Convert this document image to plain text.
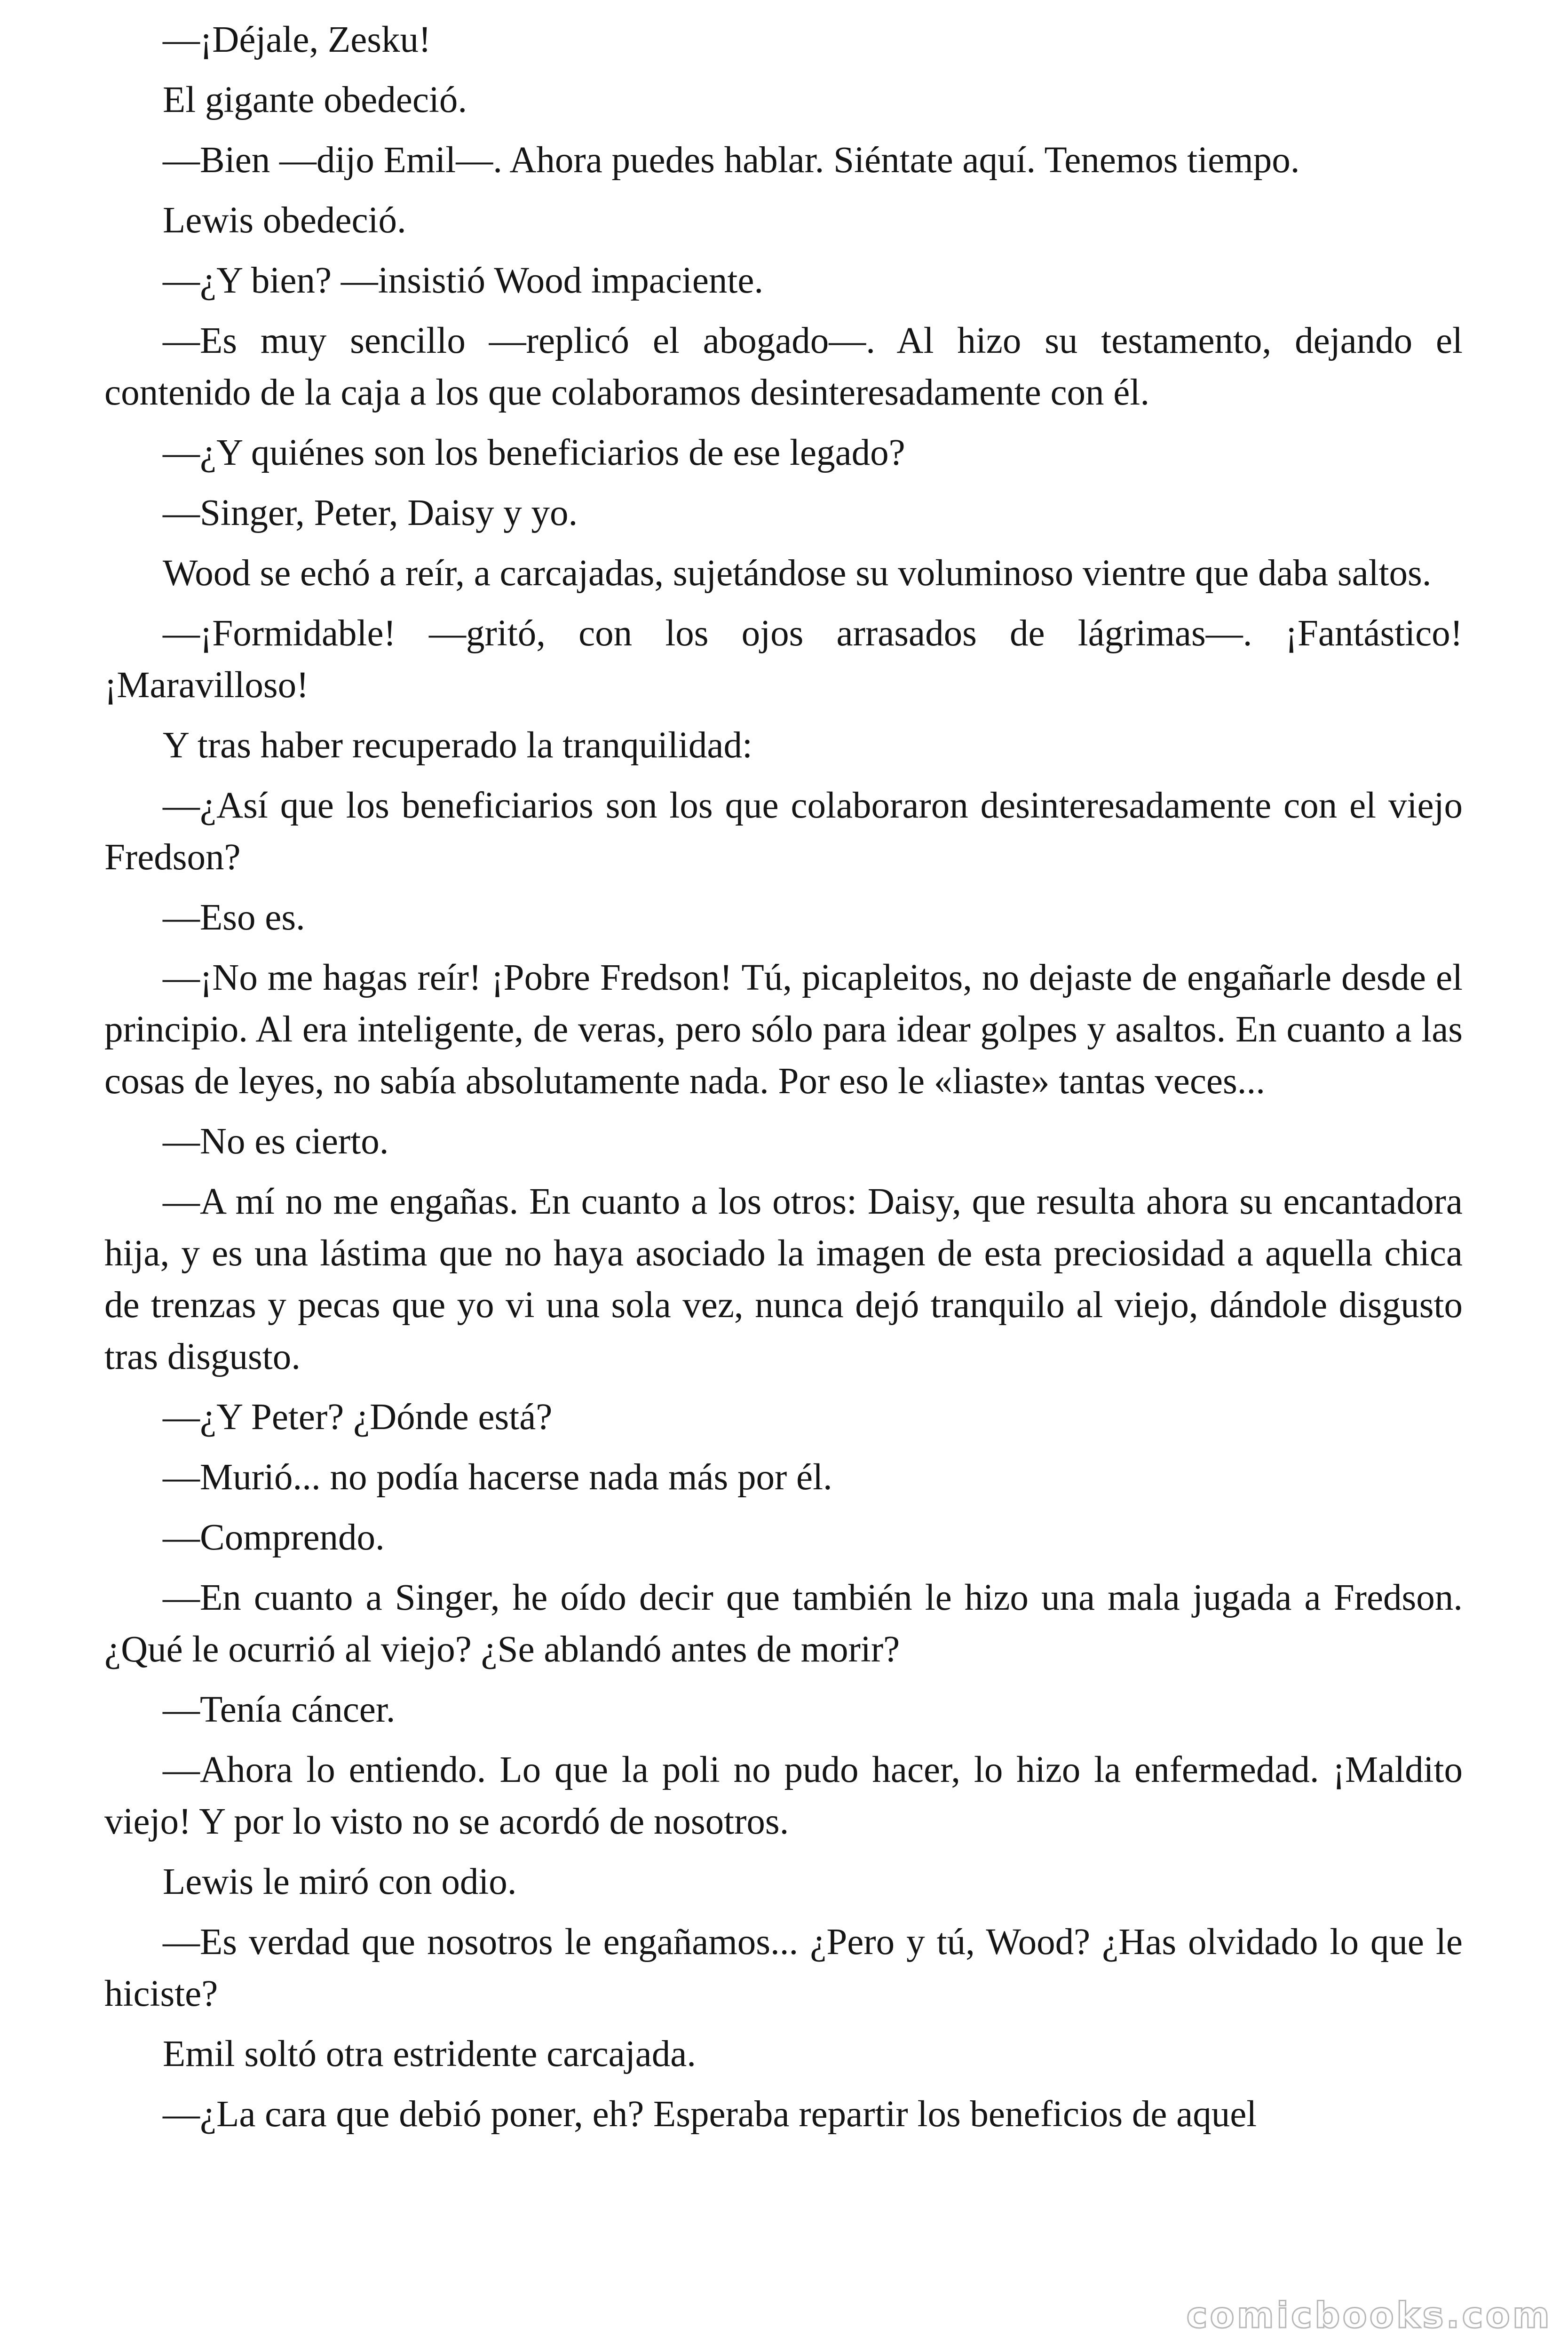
—¡Déjale, Zesku!

El gigante obedeció.

—Bien —dijo Emil—. Ahora puedes hablar. Siéntate aquí. Tenemos tiempo.

Lewis obedeció.

—¿Y bien? —insistió Wood impaciente.

—Es muy sencillo —replicó el abogado—. Al hizo su testamento, dejando el contenido de la caja a los que colaboramos desinteresadamente con él.

—¿Y quiénes son los beneficiarios de ese legado?

—Singer, Peter, Daisy y yo.

Wood se echó a reír, a carcajadas, sujetándose su voluminoso vientre que daba saltos.

—¡Formidable! —gritó, con los ojos arrasados de lágrimas—. ¡Fantástico! ¡Maravilloso!

Y tras haber recuperado la tranquilidad:

—¿Así que los beneficiarios son los que colaboraron desinteresadamente con el viejo Fredson?

—Eso es.

—¡No me hagas reír! ¡Pobre Fredson! Tú, picapleitos, no dejaste de engañarle desde el principio. Al era inteligente, de veras, pero sólo para idear golpes y asaltos. En cuanto a las cosas de leyes, no sabía absolutamente nada. Por eso le «liaste» tantas veces...

—No es cierto.

—A mí no me engañas. En cuanto a los otros: Daisy, que resulta ahora su encantadora hija, y es una lástima que no haya asociado la imagen de esta preciosidad a aquella chica de trenzas y pecas que yo vi una sola vez, nunca dejó tranquilo al viejo, dándole disgusto tras disgusto.

—¿Y Peter? ¿Dónde está?

—Murió... no podía hacerse nada más por él.

—Comprendo.

—En cuanto a Singer, he oído decir que también le hizo una mala jugada a Fredson. ¿Qué le ocurrió al viejo? ¿Se ablandó antes de morir?

—Tenía cáncer.

—Ahora lo entiendo. Lo que la poli no pudo hacer, lo hizo la enfermedad. ¡Maldito viejo! Y por lo visto no se acordó de nosotros.

Lewis le miró con odio.

—Es verdad que nosotros le engañamos... ¿Pero y tú, Wood? ¿Has olvidado lo que le hiciste?

Emil soltó otra estridente carcajada.

—¿La cara que debió poner, eh? Esperaba repartir los beneficios de aquel

comicbooks.com
